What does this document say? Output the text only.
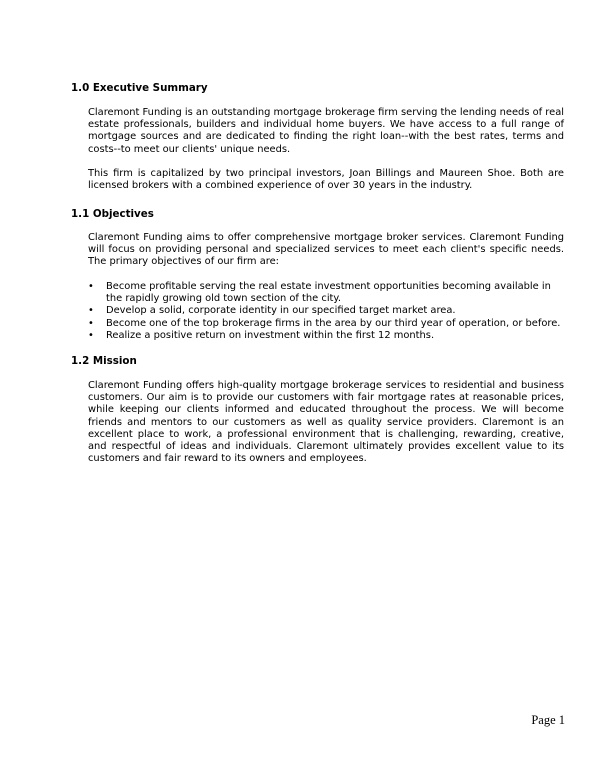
1.0 Executive Summary

Claremont Funding is an outstanding mortgage brokerage firm serving the lending needs of real estate professionals, builders and individual home buyers. We have access to a full range of mortgage sources and are dedicated to finding the right loan--with the best rates, terms and costs--to meet our clients' unique needs.

This firm is capitalized by two principal investors, Joan Billings and Maureen Shoe. Both are licensed brokers with a combined experience of over 30 years in the industry.

1.1 Objectives

Claremont Funding aims to offer comprehensive mortgage broker services. Claremont Funding will focus on providing personal and specialized services to meet each client's specific needs. The primary objectives of our firm are:

• Become profitable serving the real estate investment opportunities becoming available in the rapidly growing old town section of the city.
• Develop a solid, corporate identity in our specified target market area.
• Become one of the top brokerage firms in the area by our third year of operation, or before.
• Realize a positive return on investment within the first 12 months.
1.2 Mission

Claremont Funding offers high-quality mortgage brokerage services to residential and business customers. Our aim is to provide our customers with fair mortgage rates at reasonable prices, while keeping our clients informed and educated throughout the process. We will become friends and mentors to our customers as well as quality service providers. Claremont is an excellent place to work, a professional environment that is challenging, rewarding, creative, and respectful of ideas and individuals. Claremont ultimately provides excellent value to its customers and fair reward to its owners and employees.

Page 1
